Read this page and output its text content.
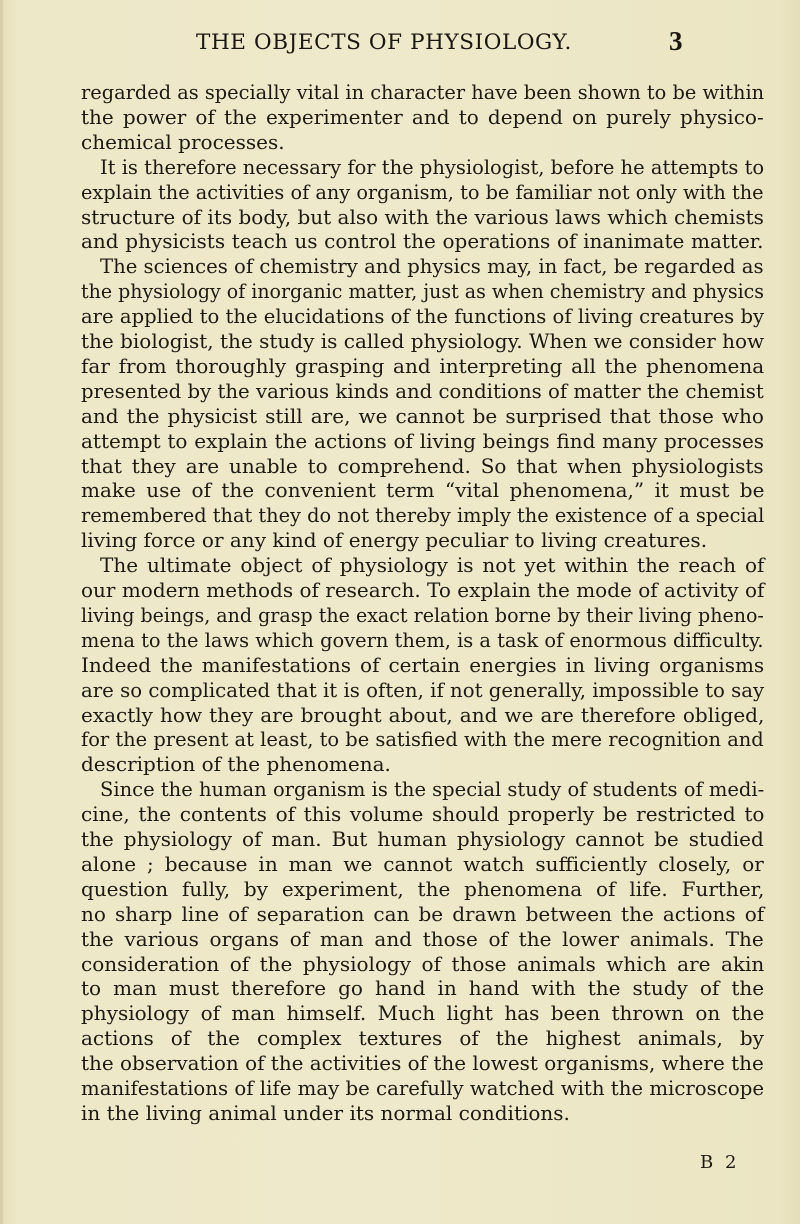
THE OBJECTS OF PHYSIOLOGY.	3
regarded as specially vital in character have been shown to be within
the power of the experimenter and to depend on purely physico-
chemical processes.
It is therefore necessary for the physiologist, before he attempts to
explain the activities of any organism, to be familiar not only with the
structure of its body, but also with the various laws which chemists
and physicists teach us control the operations of inanimate matter.
The sciences of chemistry and physics may, in fact, be regarded as
the physiology of inorganic matter, just as when chemistry and physics
are applied to the elucidations of the functions of living creatures by
the biologist, the study is called physiology. When we consider how
far from thoroughly grasping and interpreting all the phenomena
presented by the various kinds and conditions of matter the chemist
and the physicist still are, we cannot be surprised that those who
attempt to explain the actions of living beings find many processes
that they are unable to comprehend. So that when physiologists
make use of the convenient term “vital phenomena,” it must be
remembered that they do not thereby imply the existence of a special
living force or any kind of energy peculiar to living creatures.
The ultimate object of physiology is not yet within the reach of
our modern methods of research. To explain the mode of activity of
living beings, and grasp the exact relation borne by their living pheno-
mena to the laws which govern them, is a task of enormous difficulty.
Indeed the manifestations of certain energies in living organisms
are so complicated that it is often, if not generally, impossible to say
exactly how they are brought about, and we are therefore obliged,
for the present at least, to be satisfied with the mere recognition and
description of the phenomena.
Since the human organism is the special study of students of medi-
cine, the contents of this volume should properly be restricted to
the physiology of man. But human physiology cannot be studied
alone ; because in man we cannot watch sufficiently closely, or
question fully, by experiment, the phenomena of life. Further,
no sharp line of separation can be drawn between the actions of
the various organs of man and those of the lower animals. The
consideration of the physiology of those animals which are akin
to man must therefore go hand in hand with the study of the
physiology of man himself. Much light has been thrown on the
actions of the complex textures of the highest animals, by
the observation of the activities of the lowest organisms, where the
manifestations of life may be carefully watched with the microscope
in the living animal under its normal conditions.
B 2
